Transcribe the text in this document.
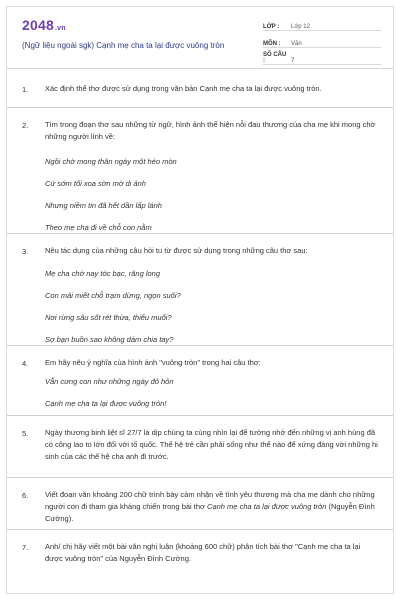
2048.vn
(Ngữ liệu ngoài sgk) Cạnh mẹ cha ta lại được vuông tròn
LỚP :	Lớp 12
MÔN :	Văn
SỐ CÂU :	7
1. Xác định thể thơ được sử dụng trong văn bản Cạnh mẹ cha ta lại được vuông tròn.
2. Tìm trong đoạn thơ sau những từ ngữ, hình ảnh thể hiện nỗi đau thương của cha mẹ khi mong chờ những người lính về:
Ngồi chờ mong thân ngày một héo mòn
Cứ sớm tối xoa sờn mờ di ảnh
Nhưng niềm tin đã hết dần lấp lánh
Theo mẹ cha đi về chỗ con nằm
3. Nêu tác dụng của những câu hỏi tu từ được sử dụng trong những câu thơ sau:
Mẹ cha chờ nay tóc bạc, răng long
Con mải miết chỗ trạm dừng, ngọn suối?
Nơi rừng sâu sốt rét thừa, thiếu muối?
Sợ bạn buồn sao không dám chia tay?
4. Em hãy nêu ý nghĩa của hình ảnh "vuông tròn" trong hai câu thơ:
Vẫn cưng con như những ngày đỏ hỏn
Cạnh mẹ cha ta lại được vuông tròn!
5. Ngày thương binh liệt sĩ 27/7 là dịp chúng ta cùng nhìn lại để tưởng nhớ đến những vị anh hùng đã có công lao to lớn đối với tổ quốc. Thế hệ trẻ cần phải sống như thế nào để xứng đáng với những hi sinh của các thế hệ cha anh đi trước.
6. Viết đoạn văn khoảng 200 chữ trình bày cảm nhận về tình yêu thương mà cha mẹ dành cho những người con đi tham gia kháng chiến trong bài thơ Cạnh mẹ cha ta lại được vuông tròn (Nguyễn Đình Cường).
7. Anh/ chị hãy viết một bài văn nghị luận (khoảng 600 chữ) phân tích bài thơ "Cạnh mẹ cha ta lại được vuông tròn" của Nguyễn Đình Cường.
